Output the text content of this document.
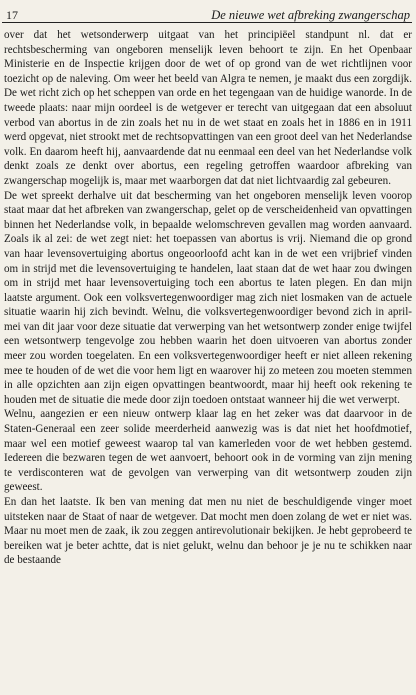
17	De nieuwe wet afbreking zwangerschap

over dat het wetsonderwerp uitgaat van het principiëel standpunt nl. dat er rechtsbescherming van ongeboren menselijk leven behoort te zijn. En het Openbaar Ministerie en de Inspectie krijgen door de wet of op grond van de wet richtlijnen voor toezicht op de naleving. Om weer het beeld van Algra te nemen, je maakt dus een zorgdijk. De wet richt zich op het scheppen van orde en het tegengaan van de huidige wanorde. In de tweede plaats: naar mijn oordeel is de wetgever er terecht van uitgegaan dat een absoluut verbod van abortus in de zin zoals het nu in de wet staat en zoals het in 1886 en in 1911 werd opgevat, niet strookt met de rechtsopvattingen van een groot deel van het Nederlandse volk. En daarom heeft hij, aanvaardende dat nu eenmaal een deel van het Nederlandse volk denkt zoals ze denkt over abortus, een regeling getroffen waardoor afbreking van zwangerschap mogelijk is, maar met waarborgen dat dat niet lichtvaardig zal gebeuren.

De wet spreekt derhalve uit dat bescherming van het ongeboren menselijk leven voorop staat maar dat het afbreken van zwangerschap, gelet op de verscheidenheid van opvattingen binnen het Nederlandse volk, in bepaalde welomschreven gevallen mag worden aanvaard. Zoals ik al zei: de wet zegt niet: het toepassen van abortus is vrij. Niemand die op grond van haar levensovertuiging abortus ongeoorloofd acht kan in de wet een vrijbrief vinden om in strijd met die levensovertuiging te handelen, laat staan dat de wet haar zou dwingen om in strijd met haar levensovertuiging toch een abortus te laten plegen. En dan mijn laatste argument. Ook een volksvertegenwoordiger mag zich niet losmaken van de actuele situatie waarin hij zich bevindt. Welnu, die volksvertegenwoordiger bevond zich in april-mei van dit jaar voor deze situatie dat verwerping van het wetsontwerp zonder enige twijfel een wetsontwerp tengevolge zou hebben waarin het doen uitvoeren van abortus zonder meer zou worden toegelaten. En een volksvertegenwoordiger heeft er niet alleen rekening mee te houden of de wet die voor hem ligt en waarover hij zo meteen zou moeten stemmen in alle opzichten aan zijn eigen opvattingen beantwoordt, maar hij heeft ook rekening te houden met de situatie die mede door zijn toedoen ontstaat wanneer hij die wet verwerpt.

Welnu, aangezien er een nieuw ontwerp klaar lag en het zeker was dat daarvoor in de Staten-Generaal een zeer solide meerderheid aanwezig was is dat niet het hoofdmotief, maar wel een motief geweest waarop tal van kamerleden voor de wet hebben gestemd. Iedereen die bezwaren tegen de wet aanvoert, behoort ook in de vorming van zijn mening te verdisconteren wat de gevolgen van verwerping van dit wetsontwerp zouden zijn geweest.

En dan het laatste. Ik ben van mening dat men nu niet de beschuldigende vinger moet uitsteken naar de Staat of naar de wetgever. Dat mocht men doen zolang de wet er niet was. Maar nu moet men de zaak, ik zou zeggen antirevolutionair bekijken. Je hebt geprobeerd te bereiken wat je beter achtte, dat is niet gelukt, welnu dan behoor je je nu te schikken naar de bestaande
